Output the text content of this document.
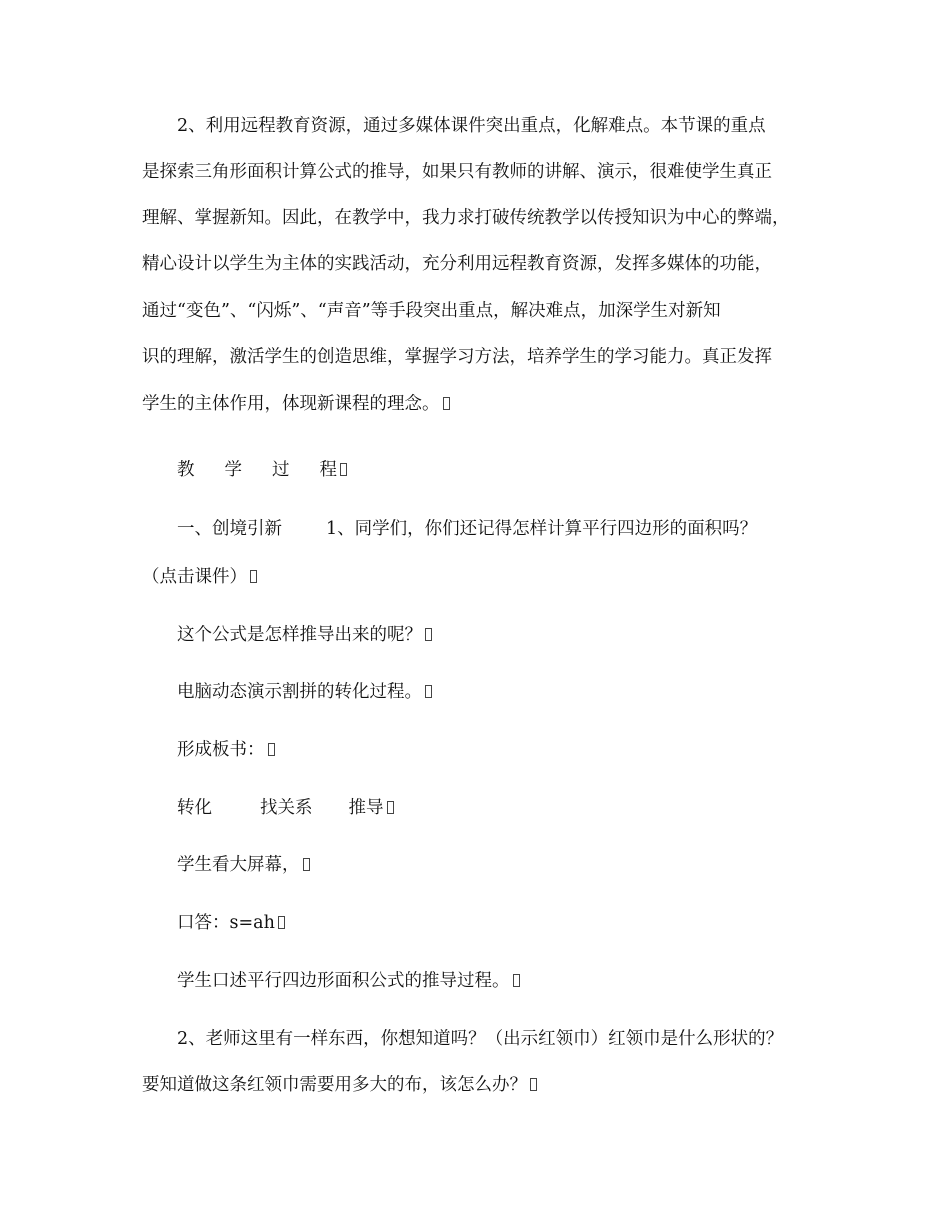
2、利用远程教育资源，通过多媒体课件突出重点，化解难点。本节课的重点
是探索三角形面积计算公式的推导，如果只有教师的讲解、演示，很难使学生真正
理解、掌握新知。因此，在教学中，我力求打破传统教学以传授知识为中心的弊端，
精心设计以学生为主体的实践活动，充分利用远程教育资源，发挥多媒体的功能，
通过“变色”、“闪烁”、“声音”等手段突出重点，解决难点，加深学生对新知
识的理解，激活学生的创造思维，掌握学习方法，培养学生的学习能力。真正发挥
学生的主体作用，体现新课程的理念。
教 学 过 程
一、创境引新	1、同学们，你们还记得怎样计算平行四边形的面积吗？
（点击课件）
这个公式是怎样推导出来的呢？
电脑动态演示割拼的转化过程。
形成板书：
转化	找关系 推导
学生看大屏幕，
口答：s=ah
学生口述平行四边形面积公式的推导过程。
2、老师这里有一样东西，你想知道吗？（出示红领巾）红领巾是什么形状的？
要知道做这条红领巾需要用多大的布，该怎么办？
